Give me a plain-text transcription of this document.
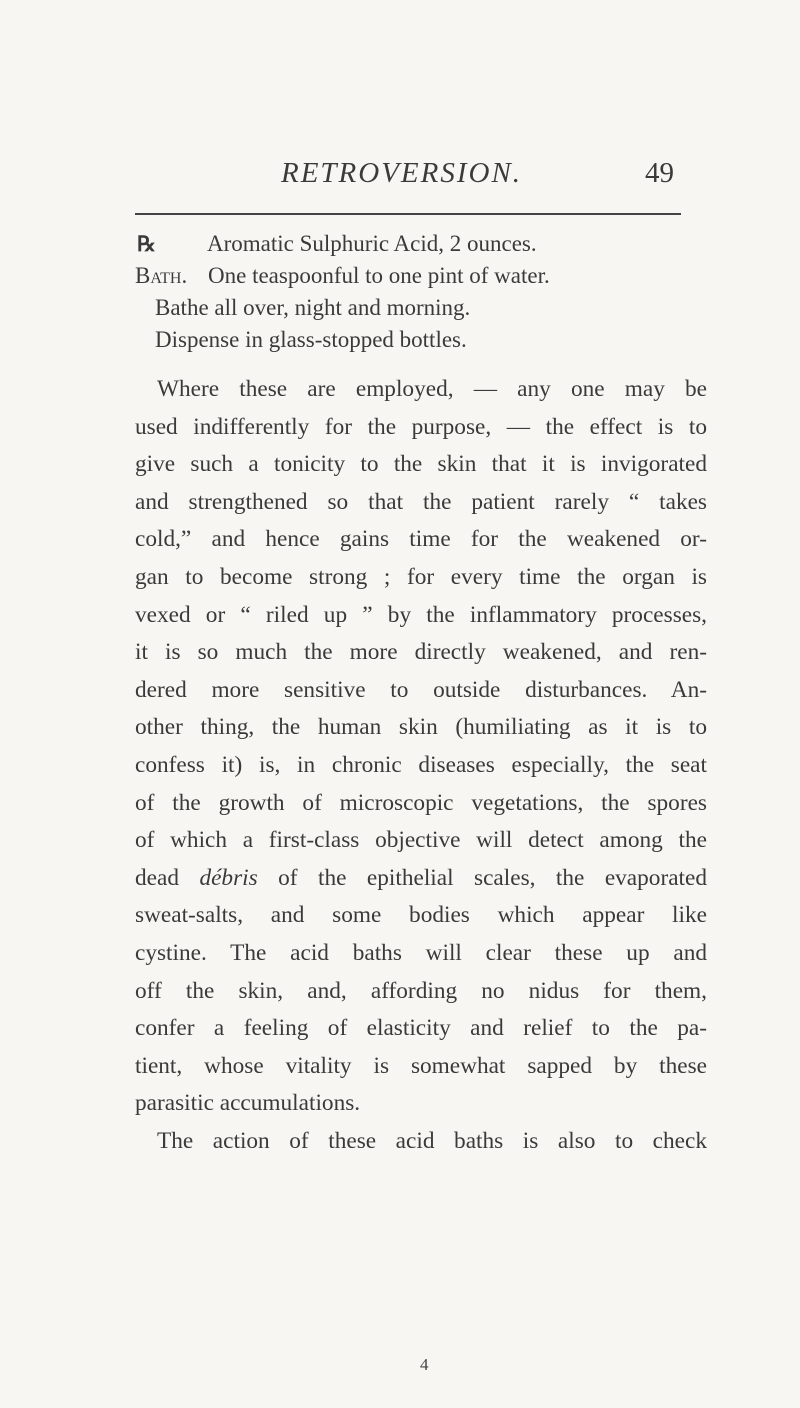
RETROVERSION.	49
℞ Aromatic Sulphuric Acid, 2 ounces.
Bath. One teaspoonful to one pint of water.
Bathe all over, night and morning.
Dispense in glass-stopped bottles.

Where these are employed, — any one may be
used indifferently for the purpose, — the effect is to
give such a tonicity to the skin that it is invigorated
and strengthened so that the patient rarely “ takes
cold,” and hence gains time for the weakened or-
gan to become strong ; for every time the organ is
vexed or “ riled up ” by the inflammatory processes,
it is so much the more directly weakened, and ren-
dered more sensitive to outside disturbances. An-
other thing, the human skin (humiliating as it is to
confess it) is, in chronic diseases especially, the seat
of the growth of microscopic vegetations, the spores
of which a first-class objective will detect among the
dead débris of the epithelial scales, the evaporated
sweat-salts, and some bodies which appear like
cystine. The acid baths will clear these up and
off the skin, and, affording no nidus for them,
confer a feeling of elasticity and relief to the pa-
tient, whose vitality is somewhat sapped by these
parasitic accumulations.

The action of these acid baths is also to check

4
